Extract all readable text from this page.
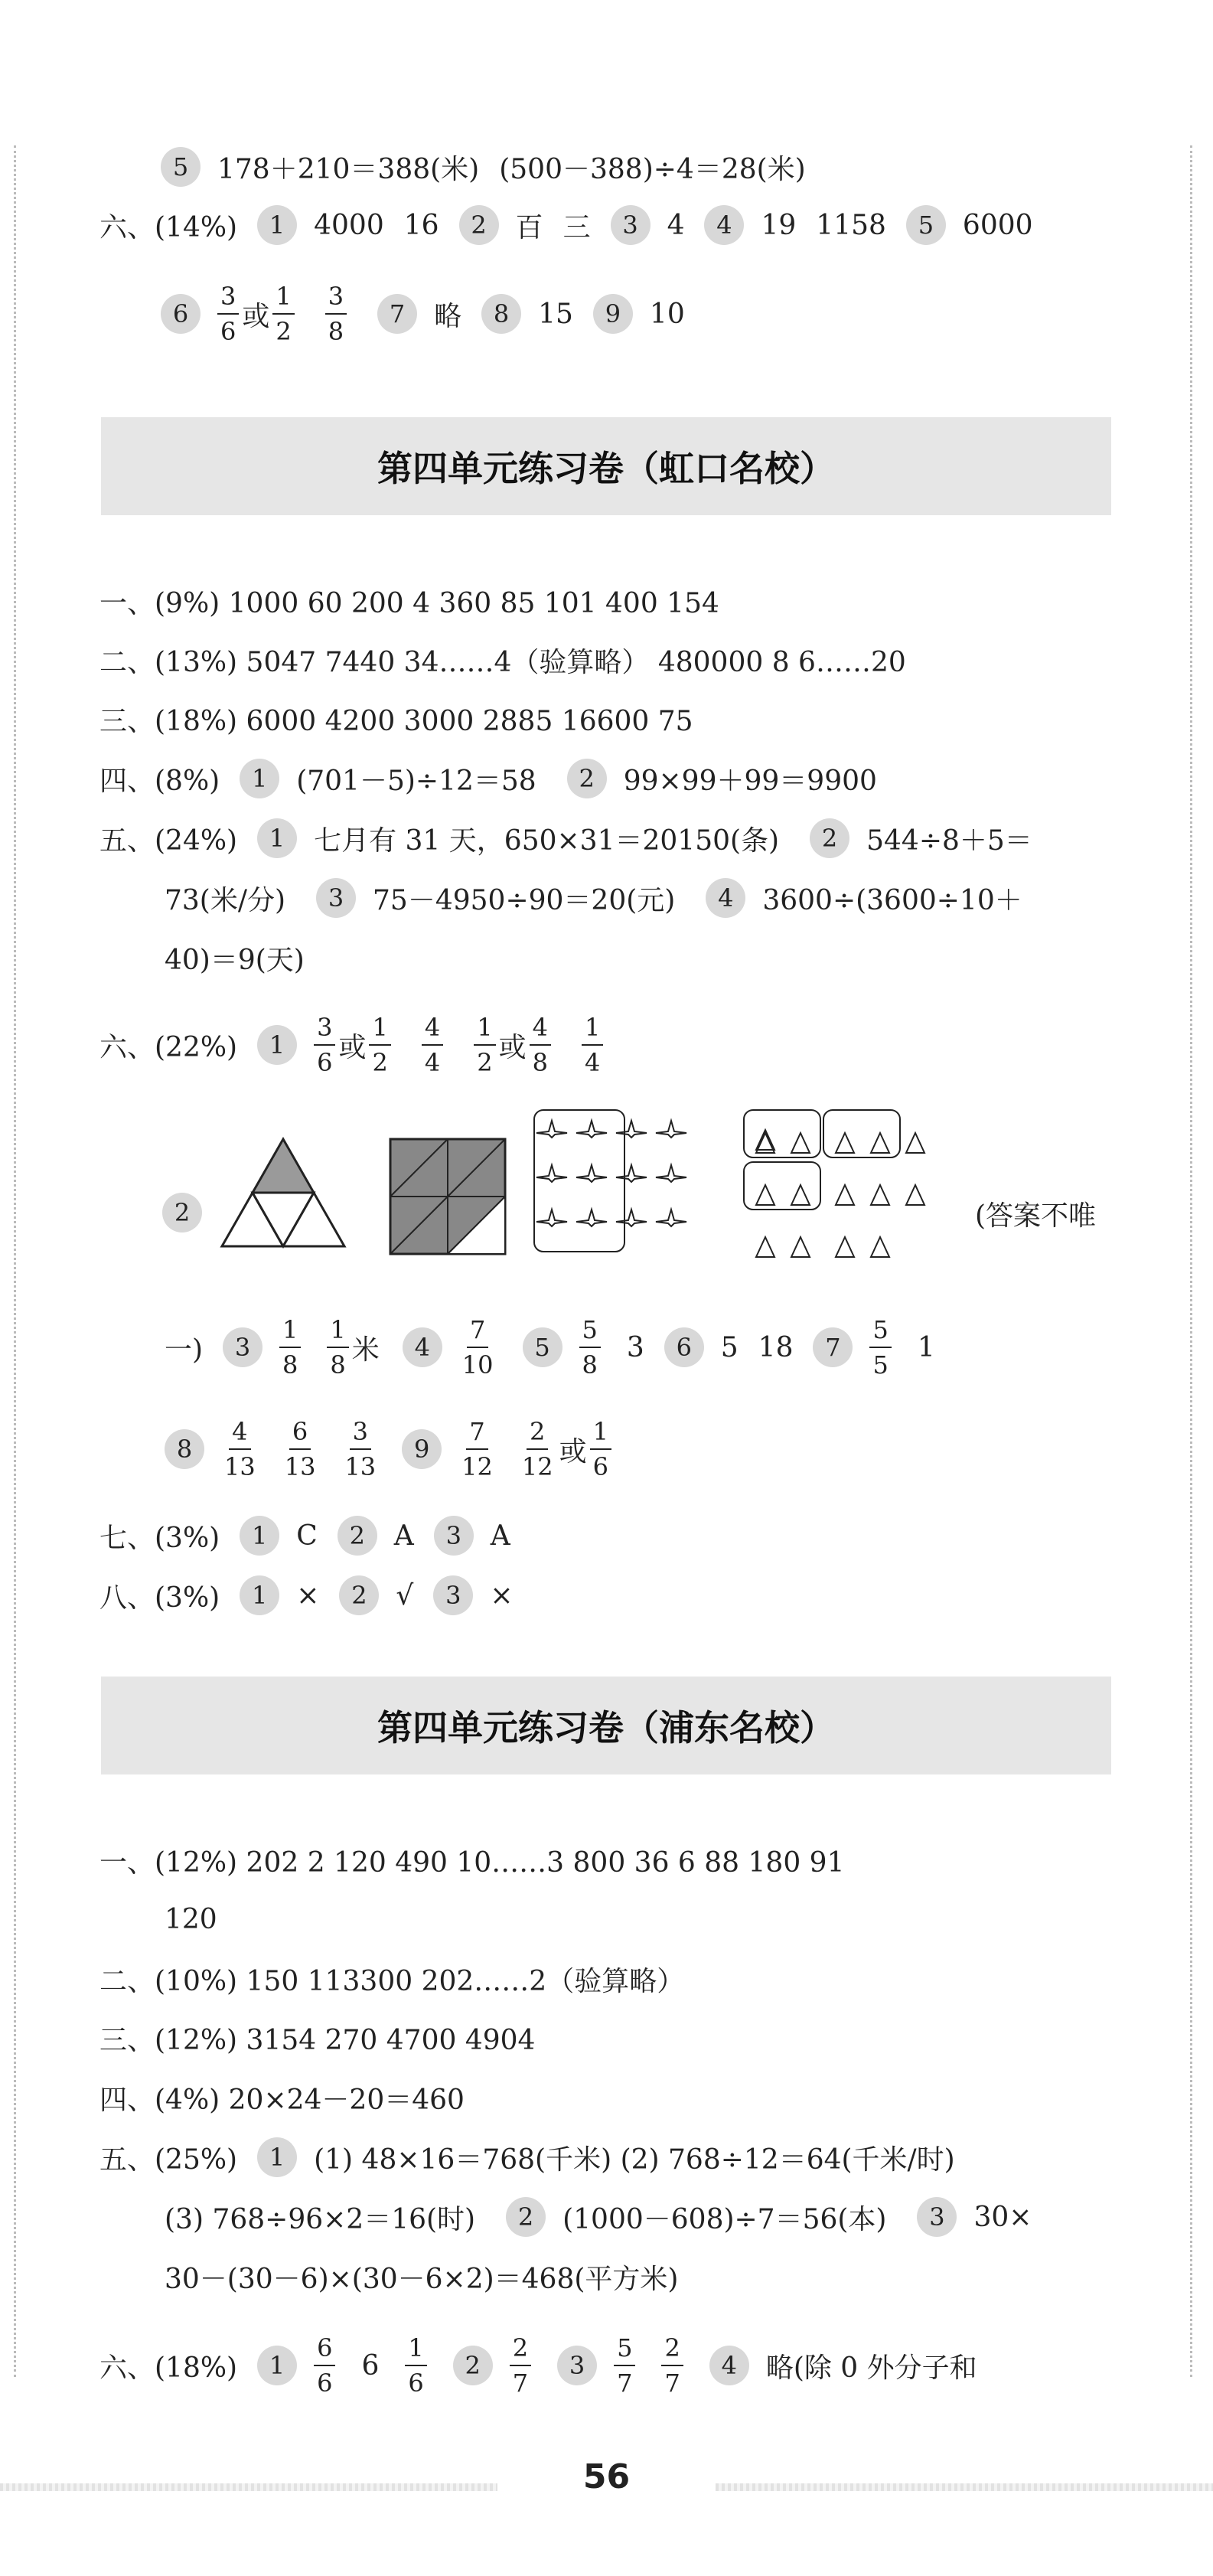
5	178＋210＝388(米) (500－388)÷4＝28(米)
六、(14%)	1	4000 16	2	百 三	3	4	4	19 1158	5	6000
6	$\frac{3}{6}$ 或 $\frac{1}{2} \frac{3}{8}$	7	略	8	15	9	10
第四单元练习卷（虹口名校）
一、(9%) 1000 60 200 4 360 85 101 400 154
二、(13%) 5047 7440 34……4（验算略） 480000 8 6……20
三、(18%) 6000 4200 3000 2885 16600 75
四、(8%)	1	(701－5)÷12＝58	2	99×99＋99＝9900
五、(24%)	1	七月有 31 天，650×31＝20150(条)	2	544÷8＋5＝
73(米/分)	3	75－4950÷90＝20(元)	4	3600÷(3600÷10＋
40)＝9(天)
六、(22%)	1	$\frac{3}{6}$ 或 $\frac{1}{2} \frac{4}{4} \frac{1}{2}$ 或 $\frac{4}{8} \frac{1}{4}$
2	(答案不唯
一)	3	$\frac{1}{8} \frac{1}{8}$ 米	4	$\frac{7}{10}$	5	$\frac{5}{8} 3$	6	5 18	7	$\frac{5}{5} 1$
8	$\frac{4}{13} \frac{6}{13} \frac{3}{13}$	9	$\frac{7}{12} \frac{2}{12}$ 或 $\frac{1}{6}$
七、(3%)	1	C	2	A	3	A
八、(3%)	1	×	2	√	3	×
第四单元练习卷（浦东名校）
一、(12%) 202 2 120 490 10……3 800 36 6 88 180 91
120
二、(10%) 150 113300 202……2（验算略）
三、(12%) 3154 270 4700 4904
四、(4%) 20×24－20＝460
五、(25%)	1	(1) 48×16＝768(千米) (2) 768÷12＝64(千米/时)
(3) 768÷96×2＝16(时)	2	(1000－608)÷7＝56(本)	3	30×
30－(30－6)×(30－6×2)＝468(平方米)
六、(18%)	1	$\frac{6}{6} 6 \frac{1}{6}$	2	$\frac{2}{7}$	3	$\frac{5}{7} \frac{2}{7}$	4	略(除 0 外分子和
56
